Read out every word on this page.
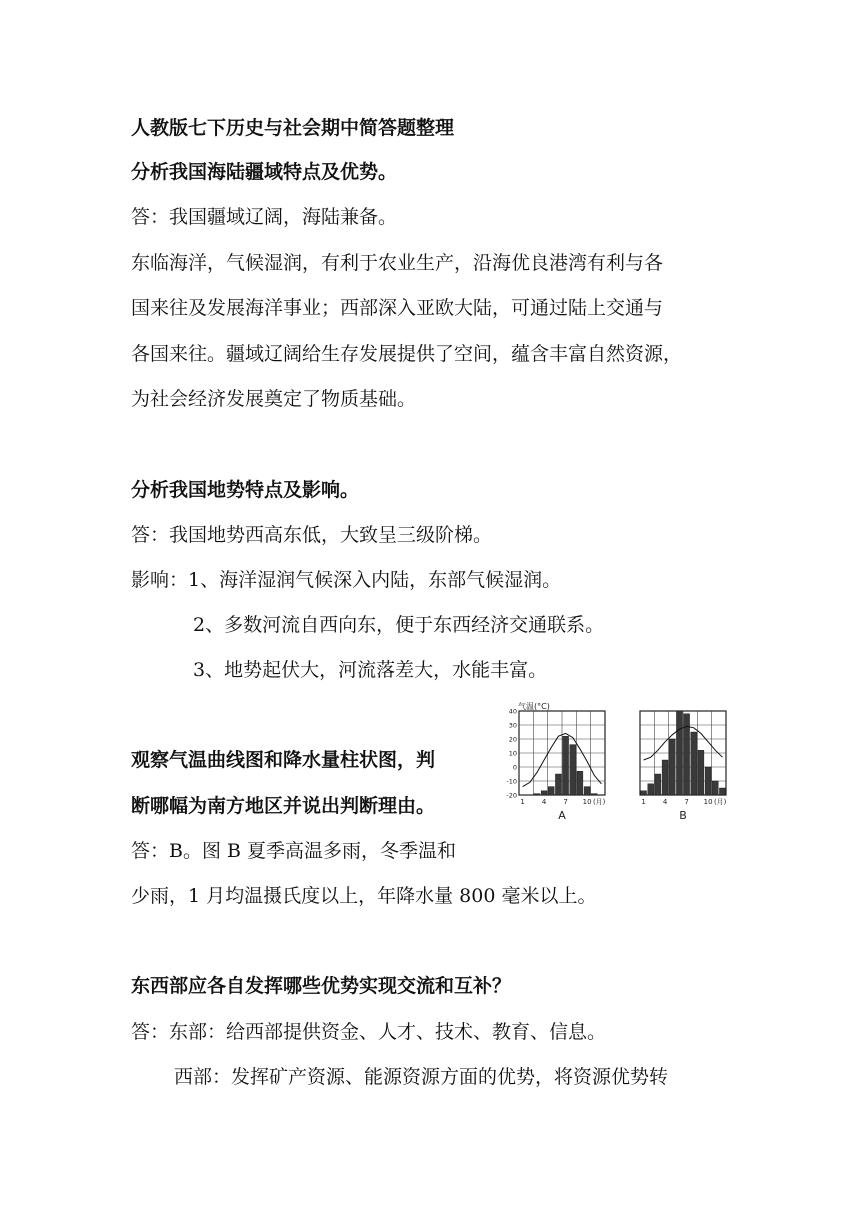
人教版七下历史与社会期中简答题整理
分析我国海陆疆域特点及优势。
答：我国疆域辽阔，海陆兼备。
东临海洋，气候湿润，有利于农业生产，沿海优良港湾有利与各
国来往及发展海洋事业；西部深入亚欧大陆，可通过陆上交通与
各国来往。疆域辽阔给生存发展提供了空间，蕴含丰富自然资源，
为社会经济发展奠定了物质基础。
分析我国地势特点及影响。
答：我国地势西高东低，大致呈三级阶梯。
影响：1、海洋湿润气候深入内陆，东部气候湿润。
2、多数河流自西向东，便于东西经济交通联系。
3、地势起伏大，河流落差大，水能丰富。
观察气温曲线图和降水量柱状图，判
断哪幅为南方地区并说出判断理由。
答：B。图 B 夏季高温多雨，冬季温和
少雨，1 月均温摄氏度以上，年降水量 800 毫米以上。
东西部应各自发挥哪些优势实现交流和互补？
答：东部：给西部提供资金、人才、技术、教育、信息。
西部：发挥矿产资源、能源资源方面的优势，将资源优势转
气温(°C)
40
30
20
10
0
-10
-20
1 4 7 10 (月)
A
1 4 7 10 (月)
B
